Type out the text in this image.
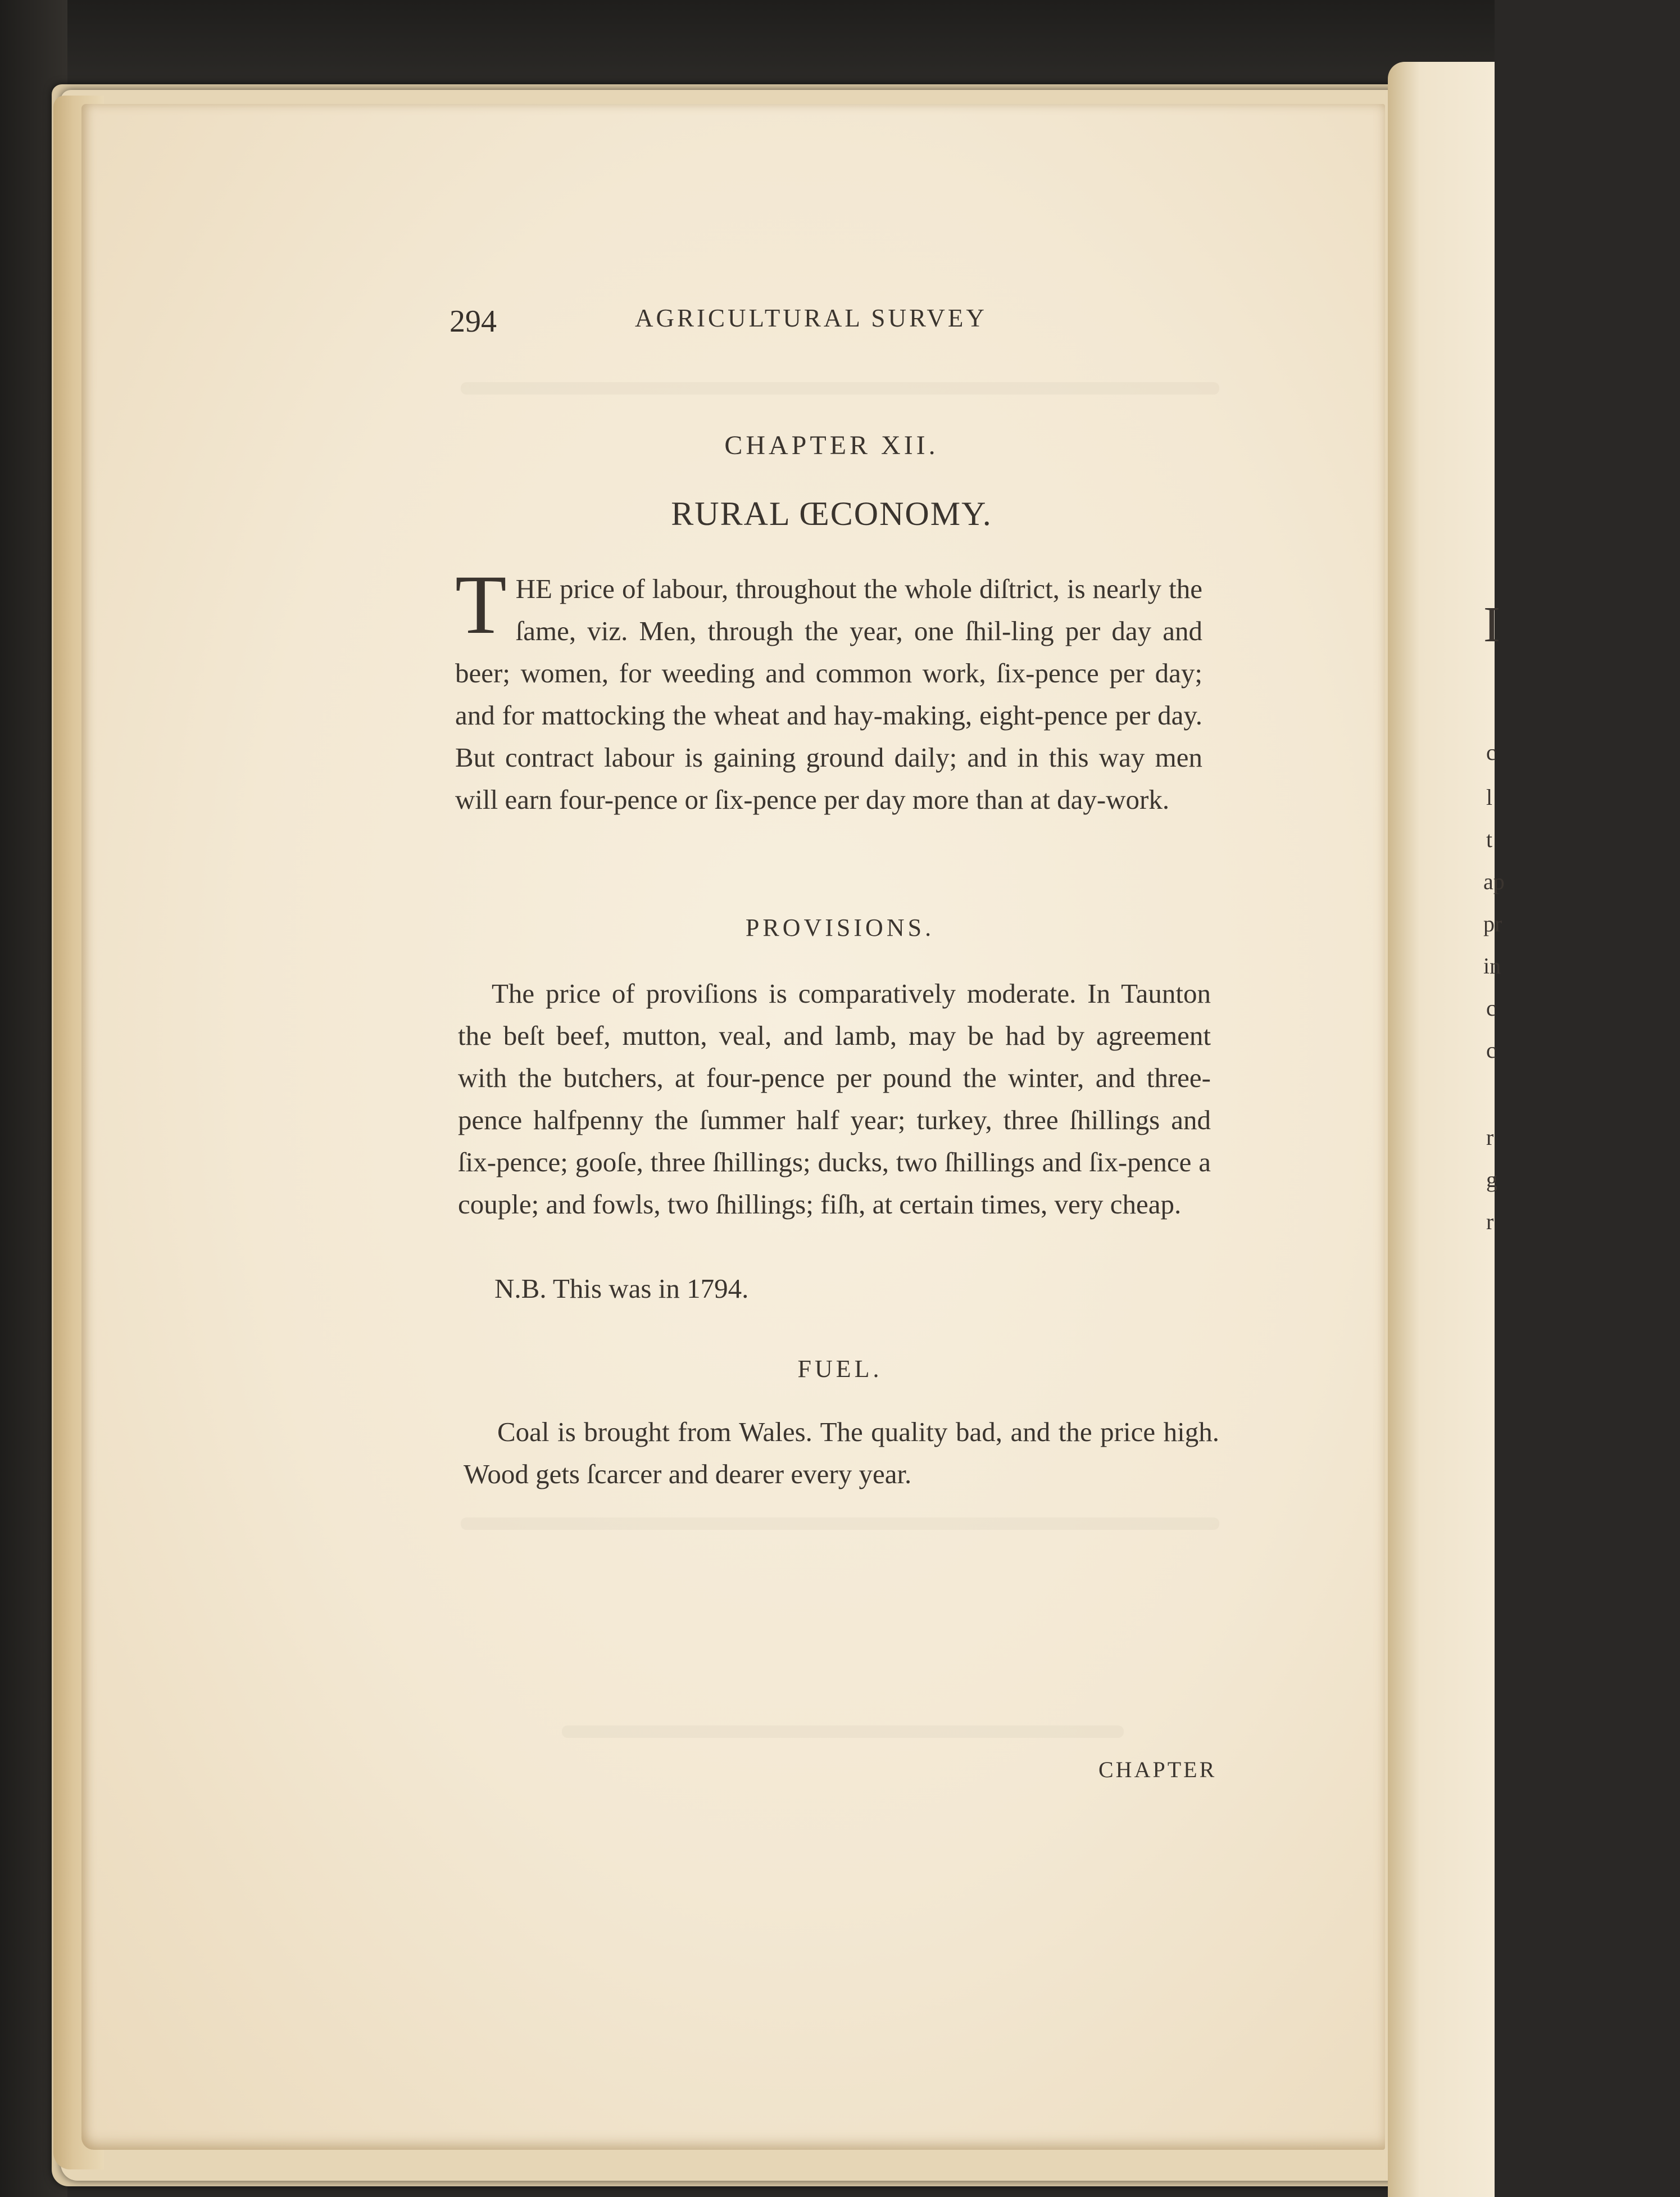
I
c
l
t
ap
pr
in
c
c
r
g
r
294	AGRICULTURAL SURVEY
CHAPTER XII.
RURAL ŒCONOMY.
THE price of labour, throughout the whole diſtrict, is nearly the ſame, viz. Men, through the year, one ſhil-ling per day and beer; women, for weeding and common work, ſix-pence per day; and for mattocking the wheat and hay-making, eight-pence per day. But contract labour is gaining ground daily; and in this way men will earn four-pence or ſix-pence per day more than at day-work.
PROVISIONS.
The price of proviſions is comparatively moderate. In Taunton the beſt beef, mutton, veal, and lamb, may be had by agreement with the butchers, at four-pence per pound the winter, and three-pence halfpenny the ſummer half year; turkey, three ſhillings and ſix-pence; gooſe, three ſhillings; ducks, two ſhillings and ſix-pence a couple; and fowls, two ſhillings; fiſh, at certain times, very cheap.
N.B. This was in 1794.
FUEL.
Coal is brought from Wales. The quality bad, and the price high. Wood gets ſcarcer and dearer every year.
CHAPTER
